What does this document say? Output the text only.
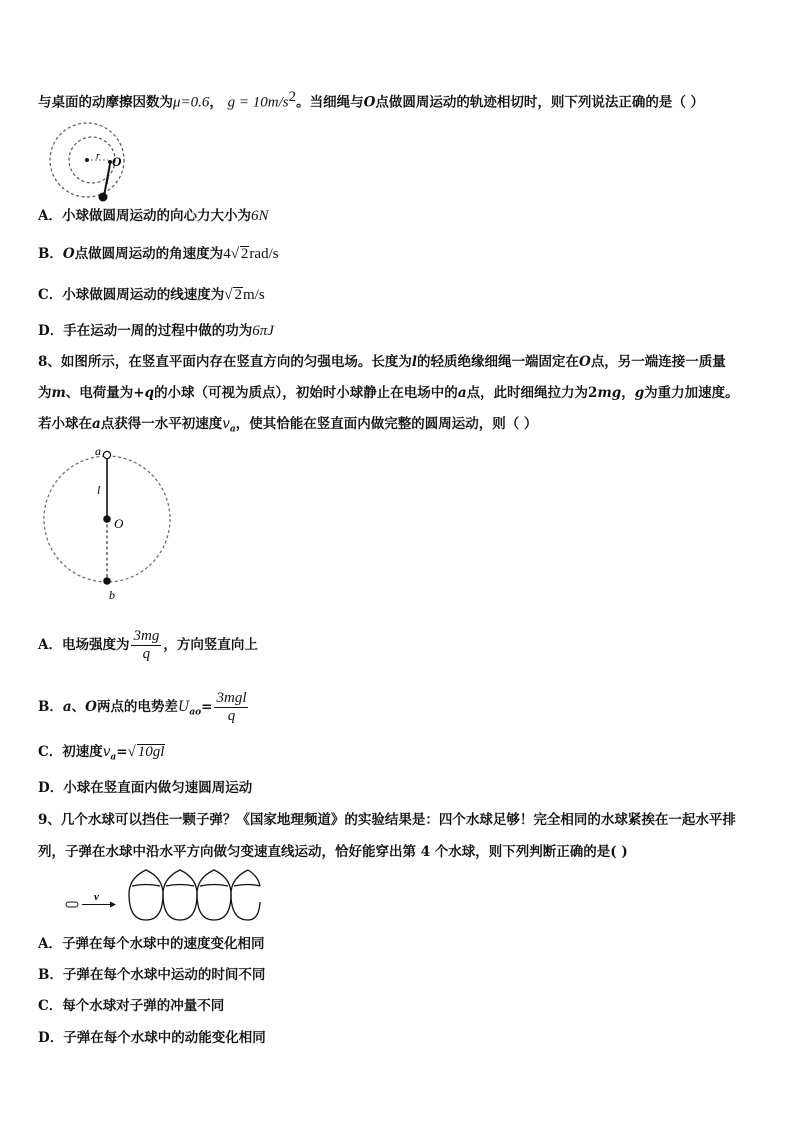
与桌面的动摩擦因数为μ=0.6， $g = 10m/s^2$。当细绳与O点做圆周运动的轨迹相切时，则下列说法正确的是（ ）
r O
l
A．小球做圆周运动的向心力大小为6N
B．O点做圆周运动的角速度为4√ 2rad/s
C．小球做圆周运动的线速度为√ 2m/s
D．手在运动一周的过程中做的功为6πJ
8、如图所示，在竖直平面内存在竖直方向的匀强电场。长度为l的轻质绝缘细绳一端固定在O点，另一端连接一质量
为m、电荷量为+q的小球（可视为质点），初始时小球静止在电场中的a点，此时细绳拉力为2mg，g为重力加速度。
若小球在a点获得一水平初速度$v_a$，使其恰能在竖直面内做完整的圆周运动，则（ ）
a
l
O
b
A．电场强度为 $\frac{3mg}{q}$ ，方向竖直向上
B．a、O两点的电势差$U_{ao}= \frac{\text{3mgl}}{q}$
C．初速度$v_a=√$ 10gl
D．小球在竖直面内做匀速圆周运动
9、几个水球可以挡住一颗子弹？《国家地理频道》的实验结果是：四个水球足够！完全相同的水球紧挨在一起水平排
列，子弹在水球中沿水平方向做匀变速直线运动，恰好能穿出第 4 个水球，则下列判断正确的是( )
v
A．子弹在每个水球中的速度变化相同
B．子弹在每个水球中运动的时间不同
C．每个水球对子弹的冲量不同
D．子弹在每个水球中的动能变化相同
